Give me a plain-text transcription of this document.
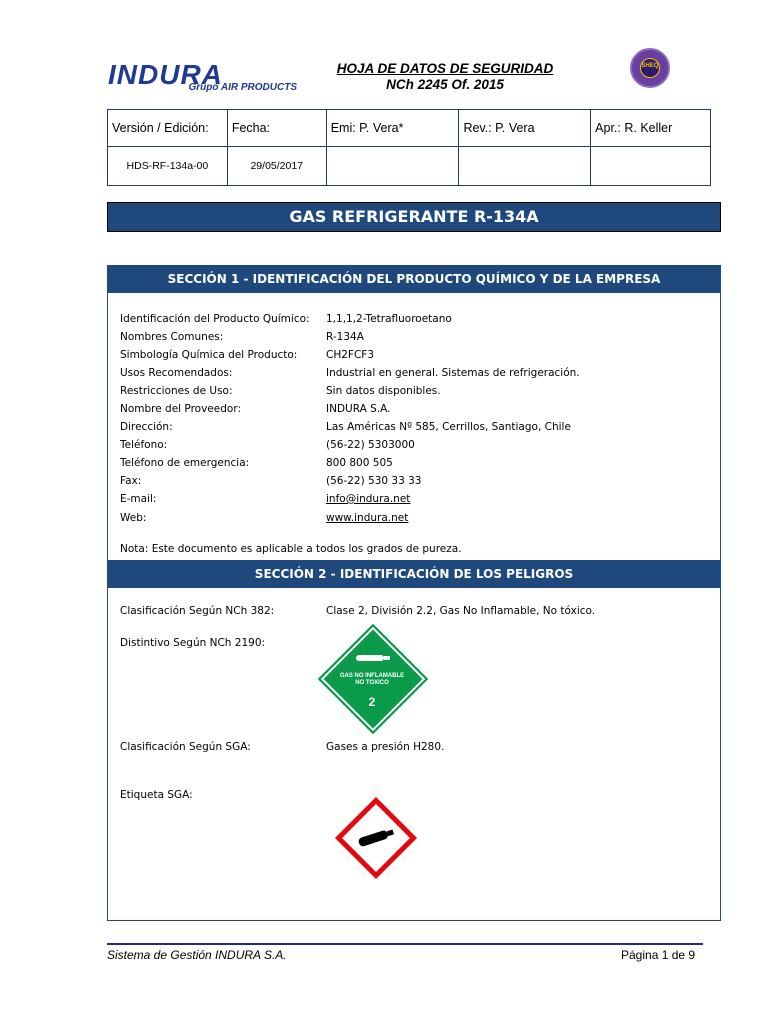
INDURA
Grupo AIR PRODUCTS
HOJA DE DATOS DE SEGURIDAD
NCh 2245 Of. 2015
SHEQ
Versión / Edición:	Fecha:	Emi: P. Vera*	Rev.: P. Vera	Apr.: R. Keller
HDS-RF-134a-00	29/05/2017			
GAS REFRIGERANTE R-134A
SECCIÓN 1 - IDENTIFICACIÓN DEL PRODUCTO QUÍMICO Y DE LA EMPRESA
Identificación del Producto Químico: 1,1,1,2-Tetrafluoroetano
Nombres Comunes:	R-134A
Simbología Química del Producto:	CH2FCF3
Usos Recomendados:	Industrial en general. Sistemas de refrigeración.
Restricciones de Uso:	Sin datos disponibles.
Nombre del Proveedor:	INDURA S.A.
Dirección:	Las Américas Nº 585, Cerrillos, Santiago, Chile
Teléfono:	(56-22) 5303000
Teléfono de emergencia:	800 800 505
Fax:	(56-22) 530 33 33
E-mail:	info@indura.net
Web:	www.indura.net
Nota: Este documento es aplicable a todos los grados de pureza.
SECCIÓN 2 - IDENTIFICACIÓN DE LOS PELIGROS
Clasificación Según NCh 382:	Clase 2, División 2.2, Gas No Inflamable, No tóxico.
Distintivo Según NCh 2190:
GAS NO INFLAMABLE
NO TOXICO
2
Clasificación Según SGA:	Gases a presión H280.
Etiqueta SGA:
Sistema de Gestión INDURA S.A.	Página 1 de 9
